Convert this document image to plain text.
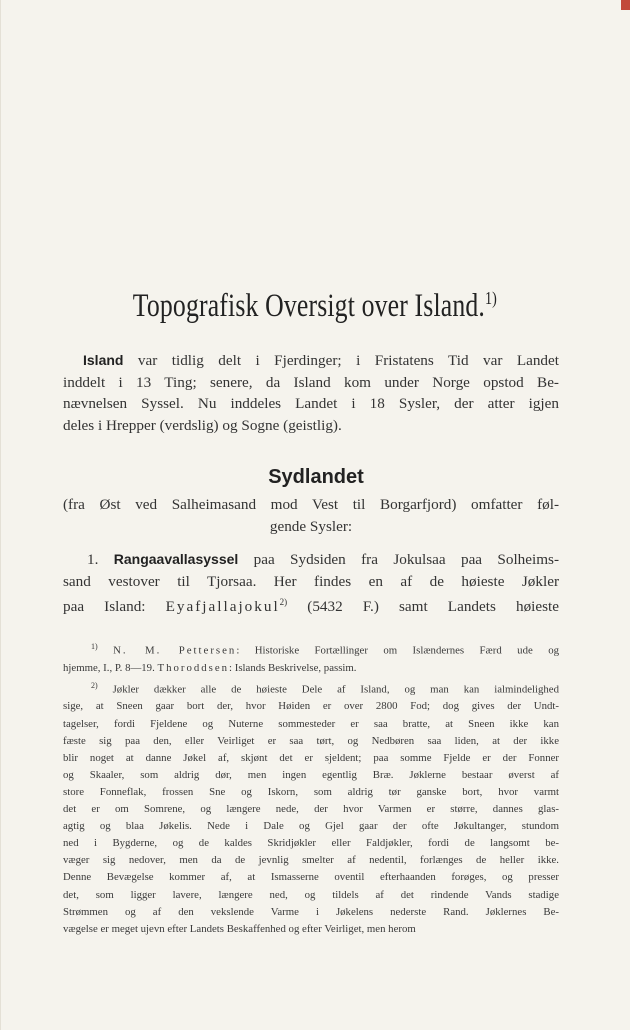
Topografisk Oversigt over Island.$^{1)}$
Island var tidlig delt i Fjerdinger; i Fristatens Tid var Landet
inddelt i 13 Ting; senere, da Island kom under Norge opstod Be-
nævnelsen Syssel. Nu inddeles Landet i 18 Sysler, der atter igjen
deles i Hrepper (verdslig) og Sogne (geistlig).
Sydlandet
(fra Øst ved Salheimasand mod Vest til Borgarfjord) omfatter føl-
gende Sysler:
1. Rangaavallasyssel paa Sydsiden fra Jokulsaa paa Solheims-
sand vestover til Tjorsaa. Her findes en af de høieste Jøkler
paa Island: Eyafjallajokul$^{2)}$ (5432 F.) samt Landets høieste
$^{1)}$ N. M. Pettersen: Historiske Fortællinger om Islændernes Færd ude og
hjemme, I., P. 8—19. Thoroddsen: Islands Beskrivelse, passim.
$^{2)}$ Jøkler dækker alle de høieste Dele af Island, og man kan ialmindelighed
sige, at Sneen gaar bort der, hvor Høiden er over 2800 Fod; dog gives der Undt-
tagelser, fordi Fjeldene og Nuterne sommesteder er saa bratte, at Sneen ikke kan
fæste sig paa den, eller Veirliget er saa tørt, og Nedbøren saa liden, at der ikke
blir noget at danne Jøkel af, skjønt det er sjeldent; paa somme Fjelde er der Fonner
og Skaaler, som aldrig dør, men ingen egentlig Bræ. Jøklerne bestaar øverst af
store Fonneflak, frossen Sne og Iskorn, som aldrig tør ganske bort, hvor varmt
det er om Somrene, og længere nede, der hvor Varmen er større, dannes glas-
agtig og blaa Jøkelis. Nede i Dale og Gjel gaar der ofte Jøkultanger, stundom
ned i Bygderne, og de kaldes Skridjøkler eller Faldjøkler, fordi de langsomt be-
væger sig nedover, men da de jevnlig smelter af nedentil, forlænges de heller ikke.
Denne Bevægelse kommer af, at Ismasserne oventil efterhaanden forøges, og presser
det, som ligger lavere, længere ned, og tildels af det rindende Vands stadige
Strømmen og af den vekslende Varme i Jøkelens nederste Rand. Jøklernes Be-
vægelse er meget ujevn efter Landets Beskaffenhed og efter Veirliget, men herom
